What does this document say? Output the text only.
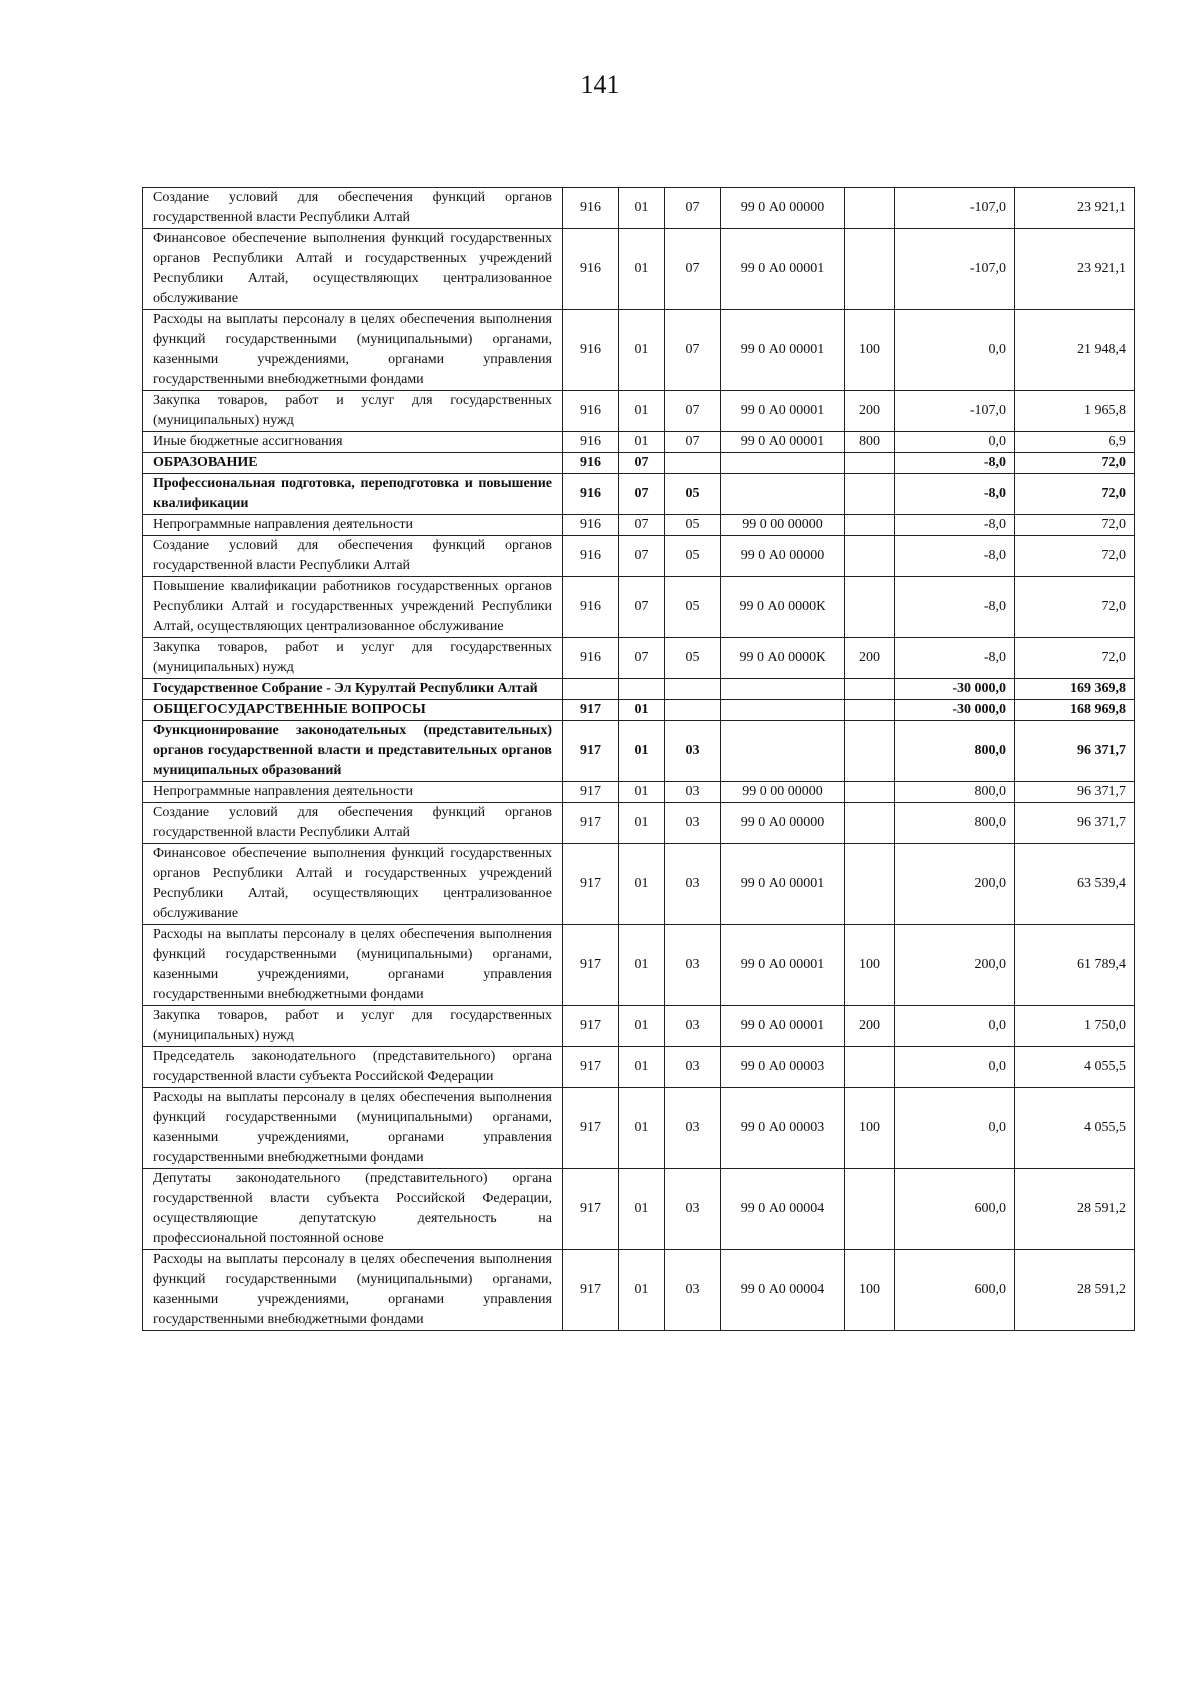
141
Создание условий для обеспечения функций органов государственной власти Республики Алтай	916	01	07	99 0 А0 00000		-107,0	23 921,1
Финансовое обеспечение выполнения функций государственных органов Республики Алтай и государственных учреждений Республики Алтай, осуществляющих централизованное обслуживание	916	01	07	99 0 А0 00001		-107,0	23 921,1
Расходы на выплаты персоналу в целях обеспечения выполнения функций государственными (муниципальными) органами, казенными учреждениями, органами управления государственными внебюджетными фондами	916	01	07	99 0 А0 00001	100	0,0	21 948,4
Закупка товаров, работ и услуг для государственных (муниципальных) нужд	916	01	07	99 0 А0 00001	200	-107,0	1 965,8
Иные бюджетные ассигнования	916	01	07	99 0 А0 00001	800	0,0	6,9
ОБРАЗОВАНИЕ	916	07				-8,0	72,0
Профессиональная подготовка, переподготовка и повышение квалификации	916	07	05			-8,0	72,0
Непрограммные направления деятельности	916	07	05	99 0 00 00000		-8,0	72,0
Создание условий для обеспечения функций органов государственной власти Республики Алтай	916	07	05	99 0 А0 00000		-8,0	72,0
Повышение квалификации работников государственных органов Республики Алтай и государственных учреждений Республики Алтай, осуществляющих централизованное обслуживание	916	07	05	99 0 А0 0000К		-8,0	72,0
Закупка товаров, работ и услуг для государственных (муниципальных) нужд	916	07	05	99 0 А0 0000К	200	-8,0	72,0
Государственное Собрание - Эл Курултай Республики Алтай						-30 000,0	169 369,8
ОБЩЕГОСУДАРСТВЕННЫЕ ВОПРОСЫ	917	01				-30 000,0	168 969,8
Функционирование законодательных (представительных) органов государственной власти и представительных органов муниципальных образований	917	01	03			800,0	96 371,7
Непрограммные направления деятельности	917	01	03	99 0 00 00000		800,0	96 371,7
Создание условий для обеспечения функций органов государственной власти Республики Алтай	917	01	03	99 0 А0 00000		800,0	96 371,7
Финансовое обеспечение выполнения функций государственных органов Республики Алтай и государственных учреждений Республики Алтай, осуществляющих централизованное обслуживание	917	01	03	99 0 А0 00001		200,0	63 539,4
Расходы на выплаты персоналу в целях обеспечения выполнения функций государственными (муниципальными) органами, казенными учреждениями, органами управления государственными внебюджетными фондами	917	01	03	99 0 А0 00001	100	200,0	61 789,4
Закупка товаров, работ и услуг для государственных (муниципальных) нужд	917	01	03	99 0 А0 00001	200	0,0	1 750,0
Председатель законодательного (представительного) органа государственной власти субъекта Российской Федерации	917	01	03	99 0 А0 00003		0,0	4 055,5
Расходы на выплаты персоналу в целях обеспечения выполнения функций государственными (муниципальными) органами, казенными учреждениями, органами управления государственными внебюджетными фондами	917	01	03	99 0 А0 00003	100	0,0	4 055,5
Депутаты законодательного (представительного) органа государственной власти субъекта Российской Федерации, осуществляющие депутатскую деятельность на профессиональной постоянной основе	917	01	03	99 0 А0 00004		600,0	28 591,2
Расходы на выплаты персоналу в целях обеспечения выполнения функций государственными (муниципальными) органами, казенными учреждениями, органами управления государственными внебюджетными фондами	917	01	03	99 0 А0 00004	100	600,0	28 591,2
